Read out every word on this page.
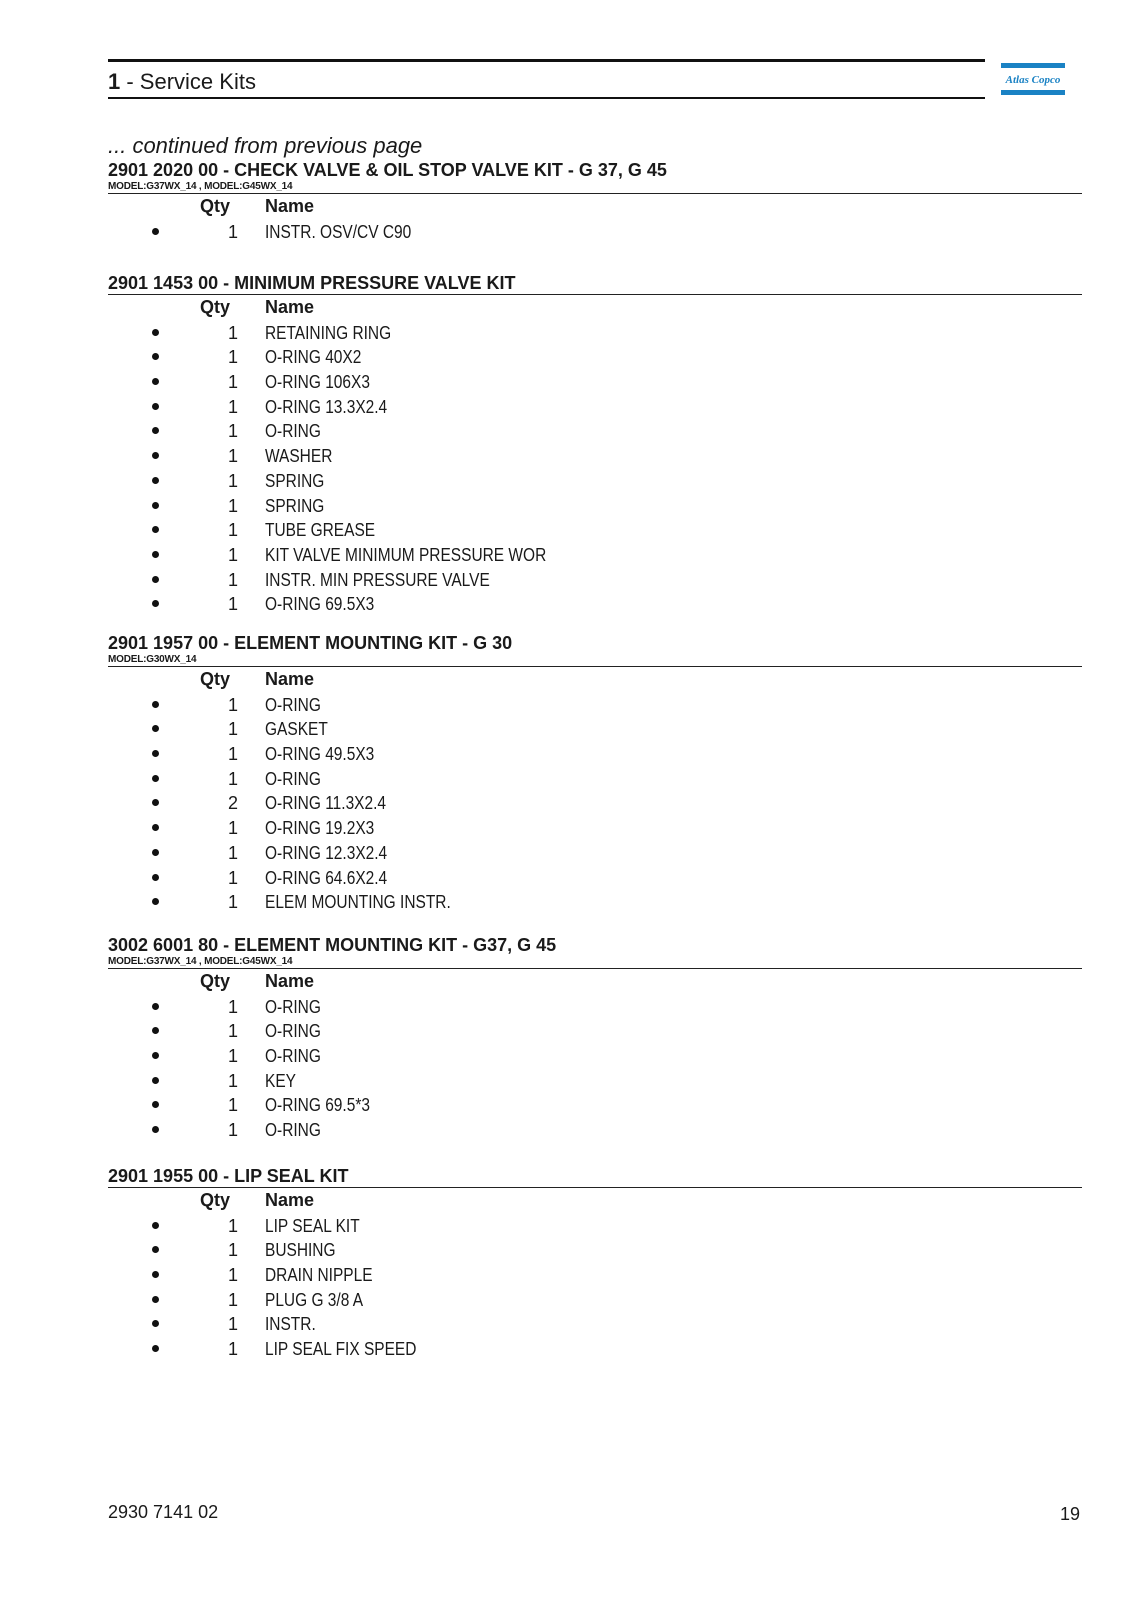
1 - Service Kits	Atlas Copco
... continued from previous page
2901 2020 00 - CHECK VALVE & OIL STOP VALVE KIT - G 37, G 45
MODEL:G37WX_14 , MODEL:G45WX_14
Qty Name
1 INSTR. OSV/CV C90
2901 1453 00 - MINIMUM PRESSURE VALVE KIT
Qty Name
1 RETAINING RING
1 O-RING 40X2
1 O-RING 106X3
1 O-RING 13.3X2.4
1 O-RING
1 WASHER
1 SPRING
1 SPRING
1 TUBE GREASE
1 KIT VALVE MINIMUM PRESSURE WOR
1 INSTR. MIN PRESSURE VALVE
1 O-RING 69.5X3
2901 1957 00 - ELEMENT MOUNTING KIT - G 30
MODEL:G30WX_14
Qty Name
1 O-RING
1 GASKET
1 O-RING 49.5X3
1 O-RING
2 O-RING 11.3X2.4
1 O-RING 19.2X3
1 O-RING 12.3X2.4
1 O-RING 64.6X2.4
1 ELEM MOUNTING INSTR.
3002 6001 80 - ELEMENT MOUNTING KIT - G37, G 45
MODEL:G37WX_14 , MODEL:G45WX_14
Qty Name
1 O-RING
1 O-RING
1 O-RING
1 KEY
1 O-RING 69.5*3
1 O-RING
2901 1955 00 - LIP SEAL KIT
Qty Name
1 LIP SEAL KIT
1 BUSHING
1 DRAIN NIPPLE
1 PLUG G 3/8 A
1 INSTR.
1 LIP SEAL FIX SPEED
2930 7141 02	19
